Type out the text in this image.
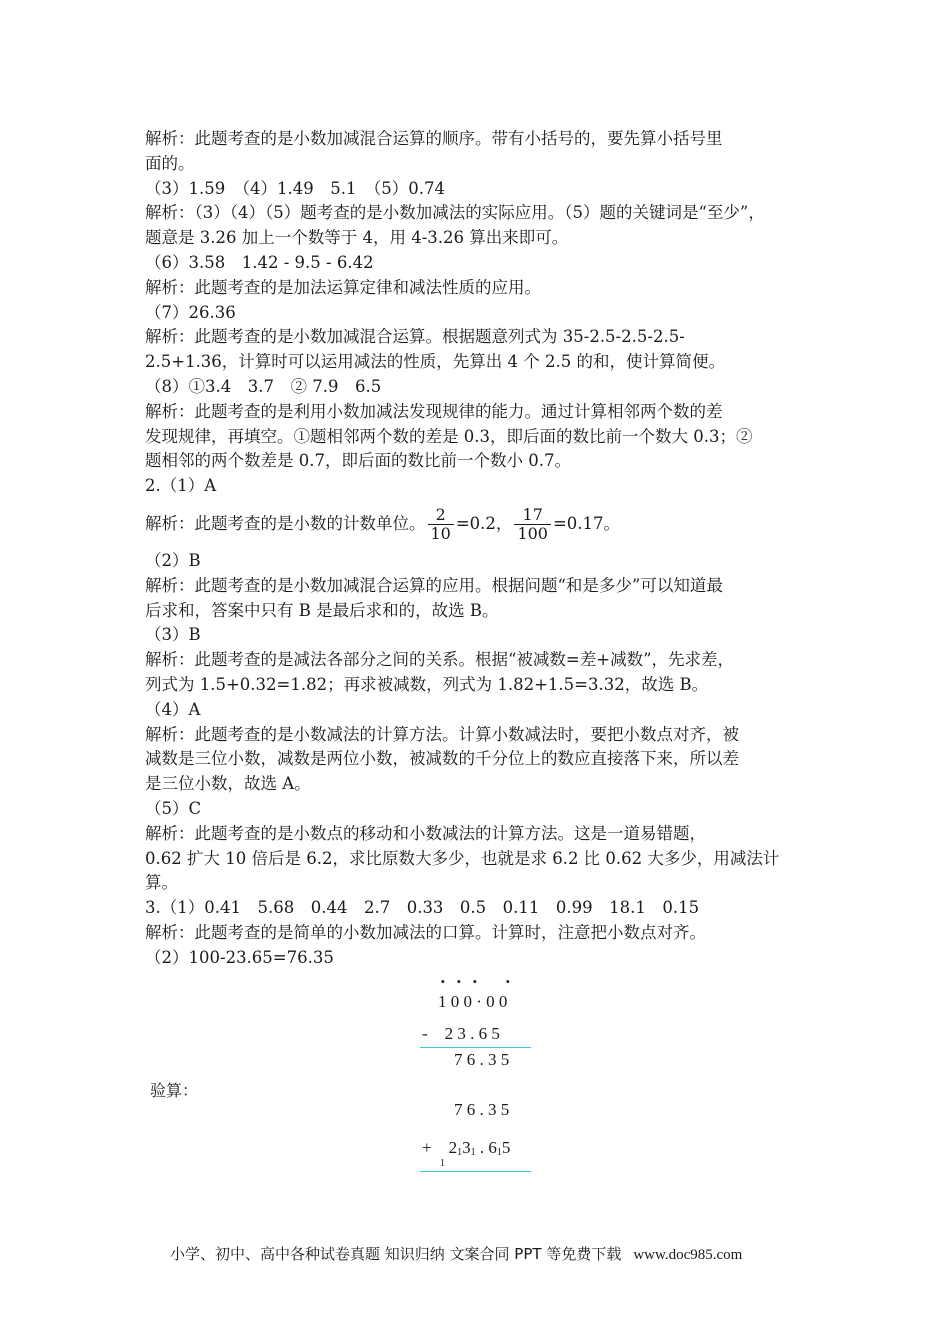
解析：此题考查的是小数加减混合运算的顺序。带有小括号的，要先算小括号里
面的。
（3）1.59　（4）1.49　5.1　（5）0.74
解析：（3）（4）（5）题考查的是小数加减法的实际应用。（5）题的关键词是“至少”，
题意是 3.26 加上一个数等于 4，用 4-3.26 算出来即可。
（6）3.58　1.42 - 9.5 - 6.42
解析：此题考查的是加法运算定律和减法性质的应用。
（7）26.36
解析：此题考查的是小数加减混合运算。根据题意列式为 35-2.5-2.5-2.5-
2.5+1.36，计算时可以运用减法的性质，先算出 4 个 2.5 的和，使计算简便。
（8）①3.4　3.7　② 7.9　6.5
解析：此题考查的是利用小数加减法发现规律的能力。通过计算相邻两个数的差
发现规律，再填空。①题相邻两个数的差是 0.3，即后面的数比前一个数大 0.3；②
题相邻的两个数差是 0.7，即后面的数比前一个数小 0.7。
2.（1）A
解析：此题考查的是小数的计数单位。 $\frac{2}{10} =0.2$， $\frac{17}{100} =0.17$。
（2）B
解析：此题考查的是小数加减混合运算的应用。根据问题“和是多少”可以知道最
后求和，答案中只有 B 是最后求和的，故选 B。
（3）B
解析：此题考查的是减法各部分之间的关系。根据“被减数=差+减数”，先求差，
列式为 1.5+0.32=1.82；再求被减数，列式为 1.82+1.5=3.32，故选 B。
（4）A
解析：此题考查的是小数减法的计算方法。计算小数减法时，要把小数点对齐，被
减数是三位小数，减数是两位小数，被减数的千分位上的数应直接落下来，所以差
是三位小数，故选 A。
（5）C
解析：此题考查的是小数点的移动和小数减法的计算方法。这是一道易错题，
0.62 扩大 10 倍后是 6.2，求比原数大多少，也就是求 6.2 比 0.62 大多少，用减法计
算。
3.（1）0.41　5.68　0.44　2.7　0.33　0.5　0.11　0.99　18.1　0.15
解析：此题考查的是简单的小数加减法的口算。计算时，注意把小数点对齐。
（2）100-23.65=76.35
· · · ·
1 0 0 · 0 0
-    2 3 . 6 5
7 6 . 3 5
验算：
7 6 . 3 5
+ $2_13_1$ . $6_15$
1
小学、初中、高中各种试卷真题 知识归纳 文案合同 PPT 等免费下载 www.doc985.com
